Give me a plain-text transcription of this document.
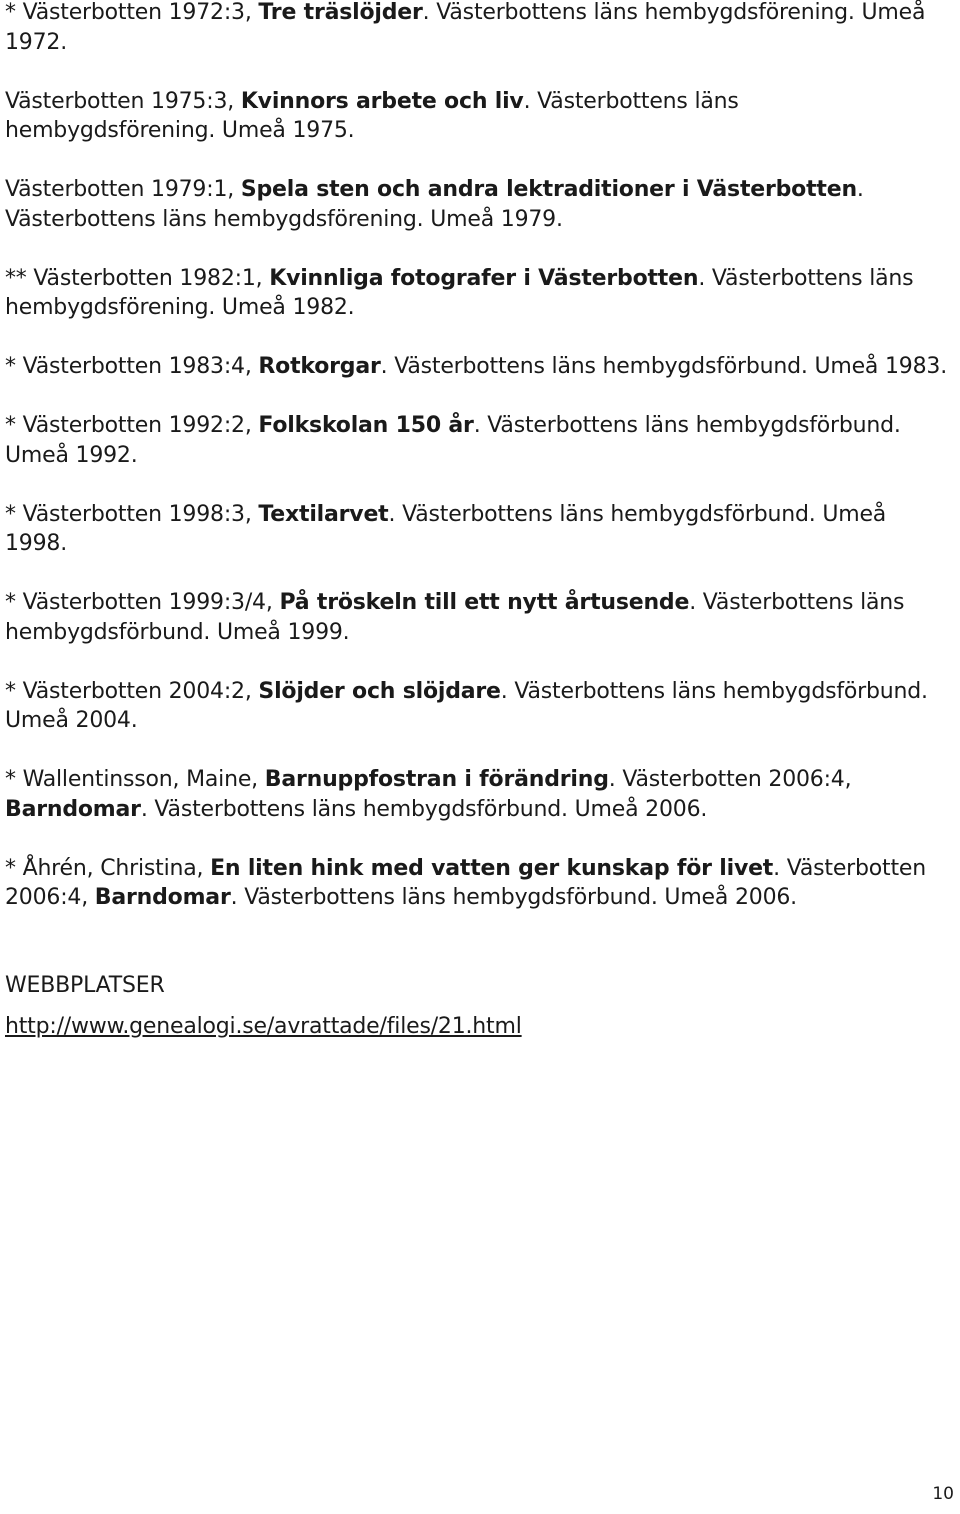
* Västerbotten 1972:3, Tre träslöjder. Västerbottens läns hembygdsförening. Umeå 1972.

Västerbotten 1975:3, Kvinnors arbete och liv. Västerbottens läns hembygdsförening. Umeå 1975.

Västerbotten 1979:1, Spela sten och andra lektraditioner i Västerbotten. Västerbottens läns hembygdsförening. Umeå 1979.

** Västerbotten 1982:1, Kvinnliga fotografer i Västerbotten. Västerbottens läns hembygdsförening. Umeå 1982.

* Västerbotten 1983:4, Rotkorgar. Västerbottens läns hembygdsförbund. Umeå 1983.

* Västerbotten 1992:2, Folkskolan 150 år. Västerbottens läns hembygdsförbund. Umeå 1992.

* Västerbotten 1998:3, Textilarvet. Västerbottens läns hembygdsförbund. Umeå 1998.

* Västerbotten 1999:3/4, På tröskeln till ett nytt årtusende. Västerbottens läns hembygdsförbund. Umeå 1999.

* Västerbotten 2004:2, Slöjder och slöjdare. Västerbottens läns hembygdsförbund. Umeå 2004.

* Wallentinsson, Maine, Barnuppfostran i förändring. Västerbotten 2006:4, Barndomar. Västerbottens läns hembygdsförbund. Umeå 2006.

* Åhrén, Christina, En liten hink med vatten ger kunskap för livet. Västerbotten 2006:4, Barndomar. Västerbottens läns hembygdsförbund. Umeå 2006.

WEBBPLATSER
http://www.genealogi.se/avrattade/files/21.html
10
